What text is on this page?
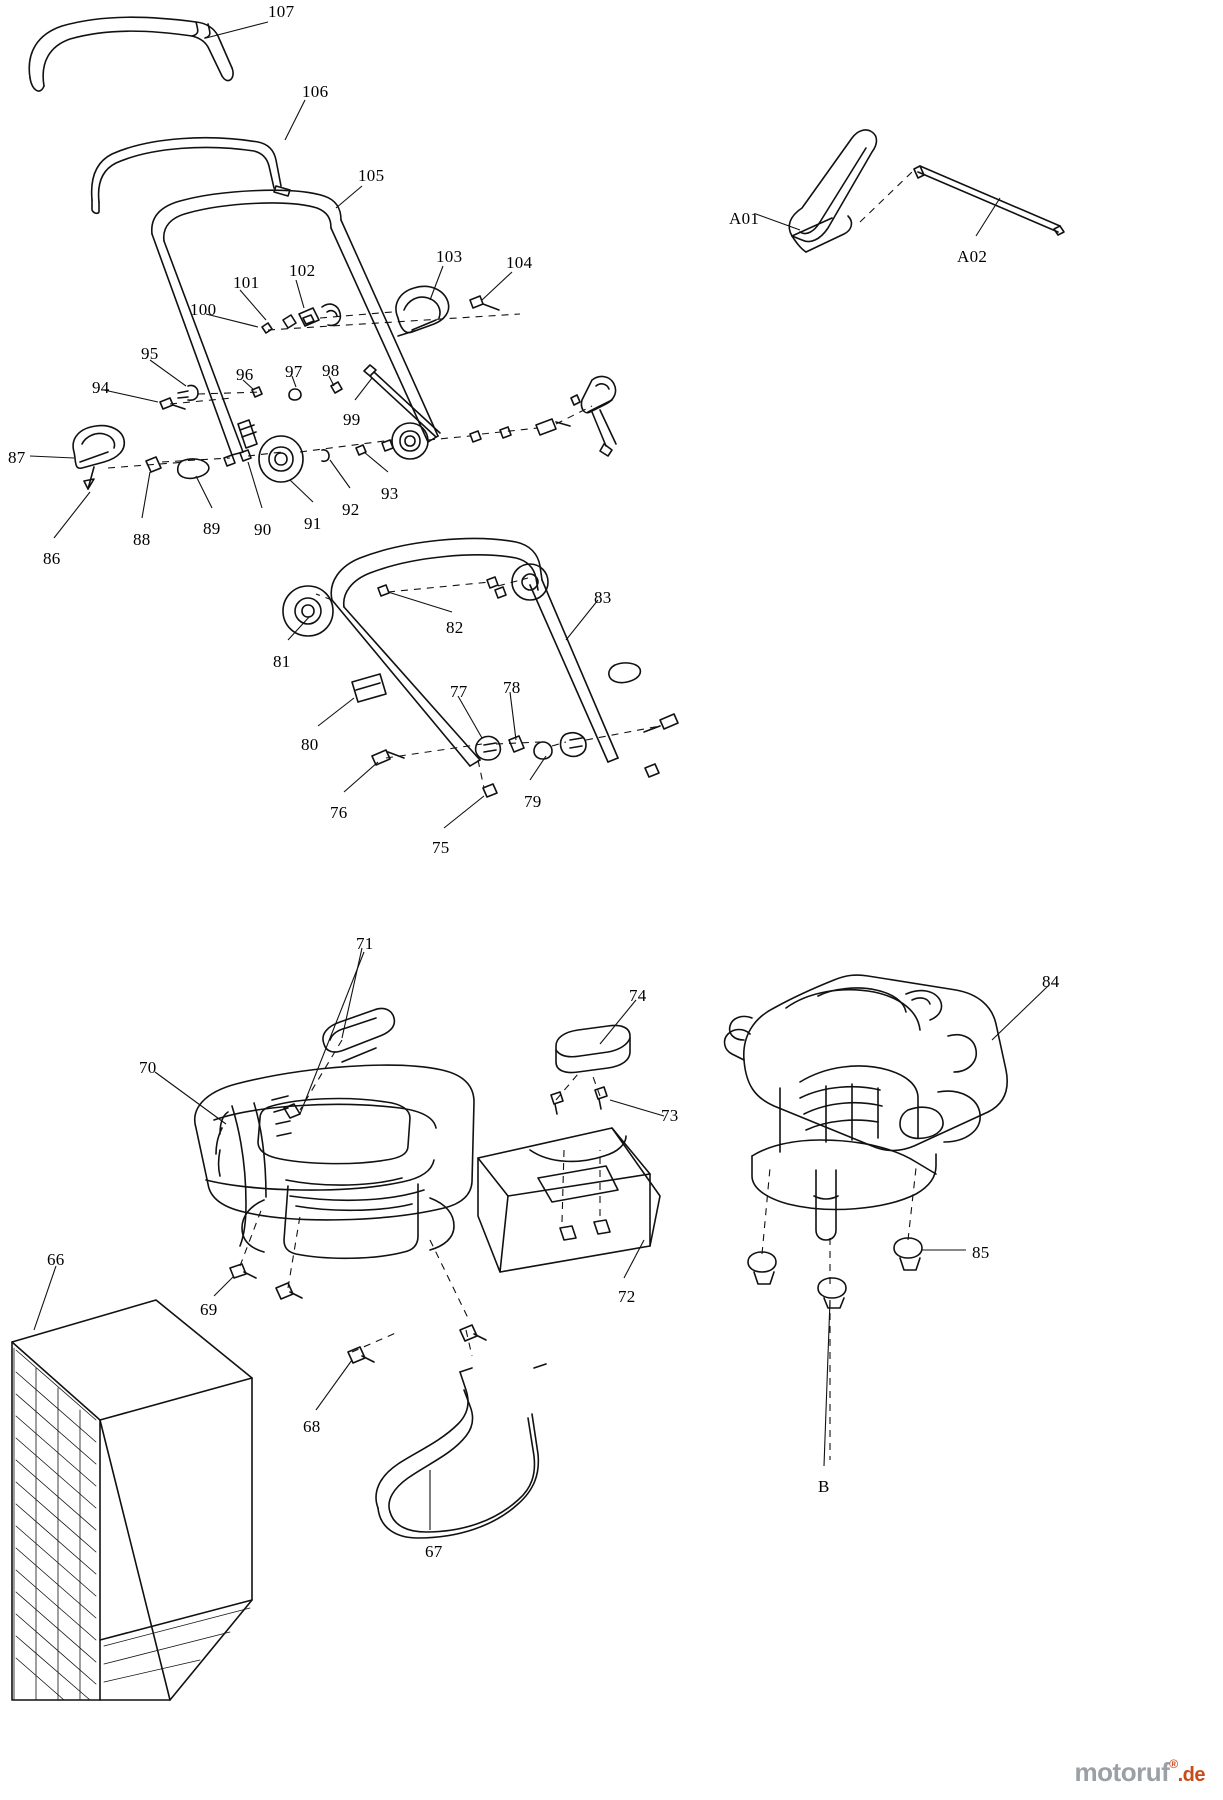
107
106
105
103	104
101
102
100
95
96 97 98
94
99
87
93
92
91
90
89
88
86
A01
A02
83
82
81
80
77 78
76
79
75
71
74
84
70
73
85
66
69
72
68
B
67
motoruf®.de
